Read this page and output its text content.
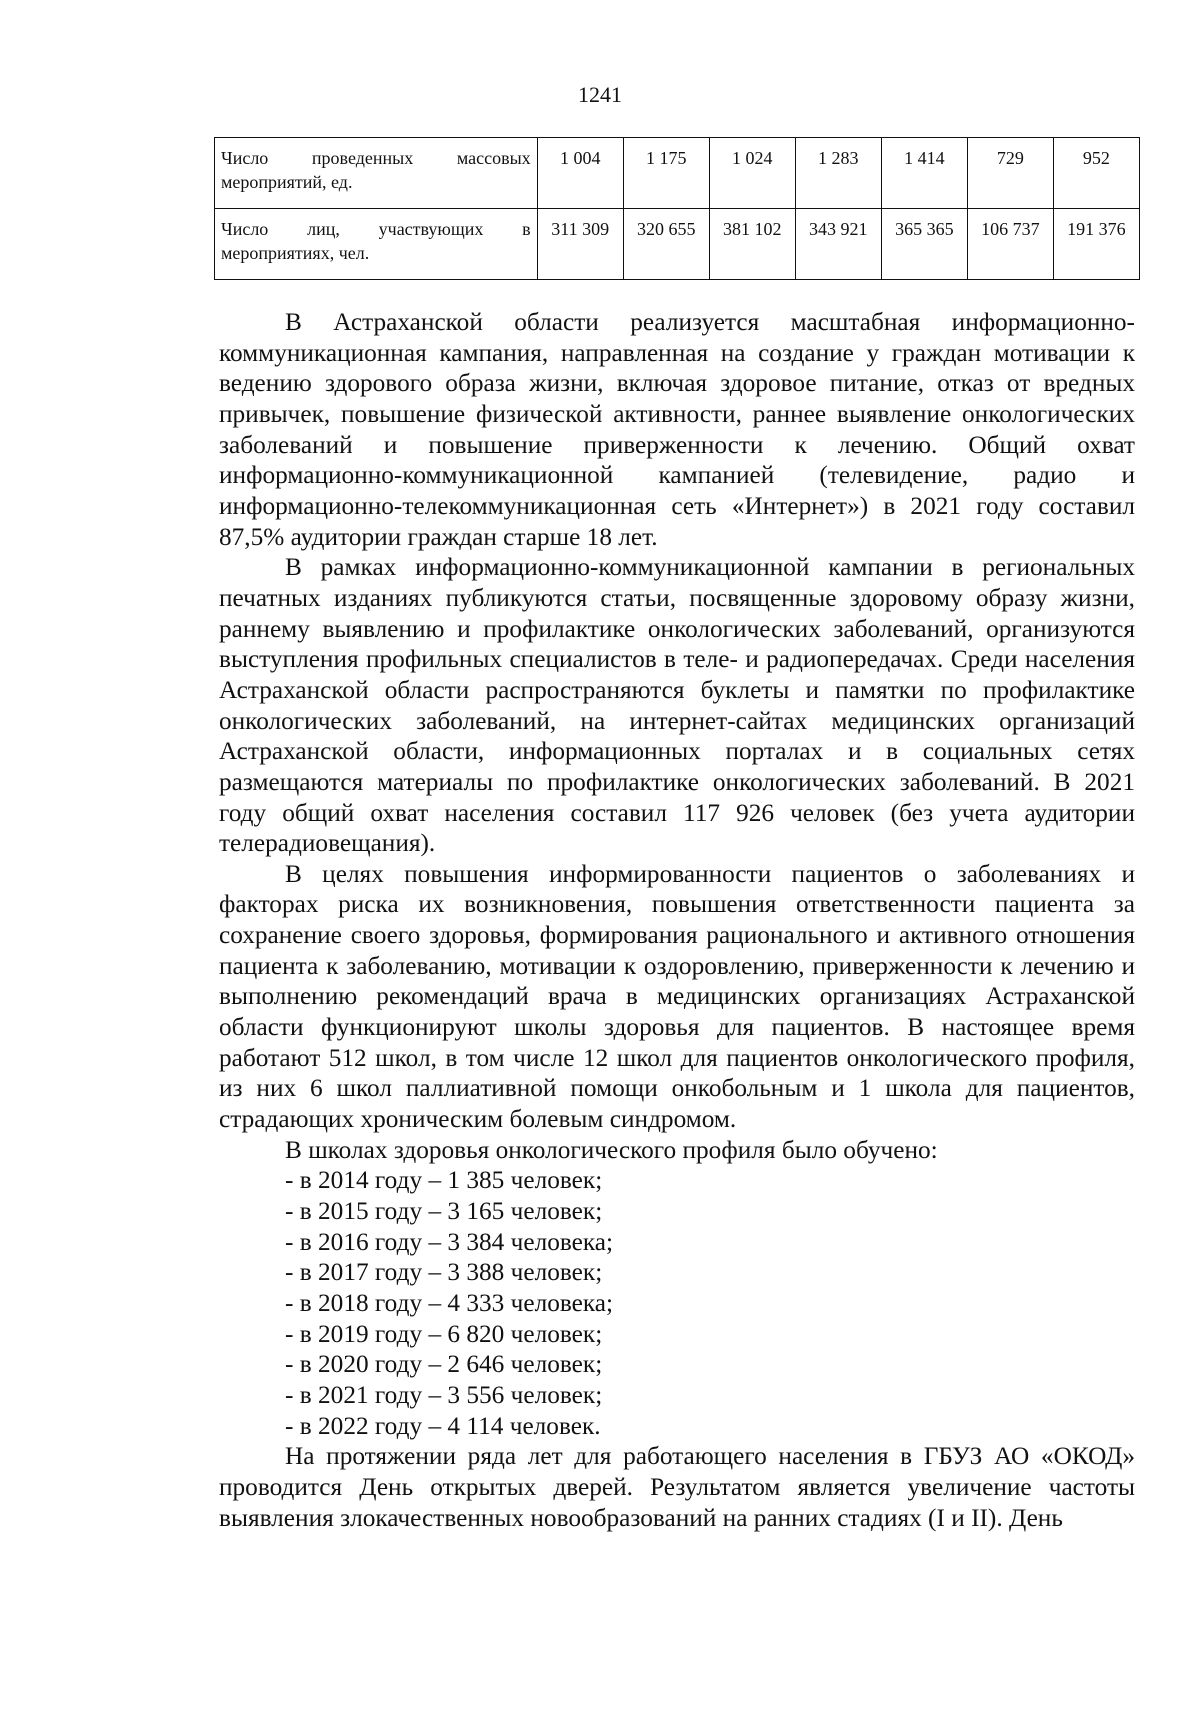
1241
Число проведенных массовых мероприятий, ед.	1 004	1 175	1 024	1 283	1 414	729	952
Число лиц, участвующих в мероприятиях, чел.	311 309	320 655	381 102	343 921	365 365	106 737	191 376

В Астраханской области реализуется масштабная информационно-коммуникационная кампания, направленная на создание у граждан мотивации к ведению здорового образа жизни, включая здоровое питание, отказ от вредных привычек, повышение физической активности, раннее выявление онкологических заболеваний и повышение приверженности к лечению. Общий охват информационно-коммуникационной кампанией (телевидение, радио и информационно-телекоммуникационная сеть «Интернет») в 2021 году составил 87,5% аудитории граждан старше 18 лет.

В рамках информационно-коммуникационной кампании в региональных печатных изданиях публикуются статьи, посвященные здоровому образу жизни, раннему выявлению и профилактике онкологических заболеваний, организуются выступления профильных специалистов в теле- и радиопередачах. Среди населения Астраханской области распространяются буклеты и памятки по профилактике онкологических заболеваний, на интернет-сайтах медицинских организаций Астраханской области, информационных порталах и в социальных сетях размещаются материалы по профилактике онкологических заболеваний. В 2021 году общий охват населения составил 117 926 человек (без учета аудитории телерадиовещания).

В целях повышения информированности пациентов о заболеваниях и факторах риска их возникновения, повышения ответственности пациента за сохранение своего здоровья, формирования рационального и активного отношения пациента к заболеванию, мотивации к оздоровлению, приверженности к лечению и выполнению рекомендаций врача в медицинских организациях Астраханской области функционируют школы здоровья для пациентов. В настоящее время работают 512 школ, в том числе 12 школ для пациентов онкологического профиля, из них 6 школ паллиативной помощи онкобольным и 1 школа для пациентов, страдающих хроническим болевым синдромом.

В школах здоровья онкологического профиля было обучено:

- в 2014 году – 1 385 человек;
- в 2015 году – 3 165 человек;
- в 2016 году – 3 384 человека;
- в 2017 году – 3 388 человек;
- в 2018 году – 4 333 человека;
- в 2019 году – 6 820 человек;
- в 2020 году – 2 646 человек;
- в 2021 году – 3 556 человек;
- в 2022 году – 4 114 человек.

На протяжении ряда лет для работающего населения в ГБУЗ АО «ОКОД» проводится День открытых дверей. Результатом является увеличение частоты выявления злокачественных новообразований на ранних стадиях (I и II). День
